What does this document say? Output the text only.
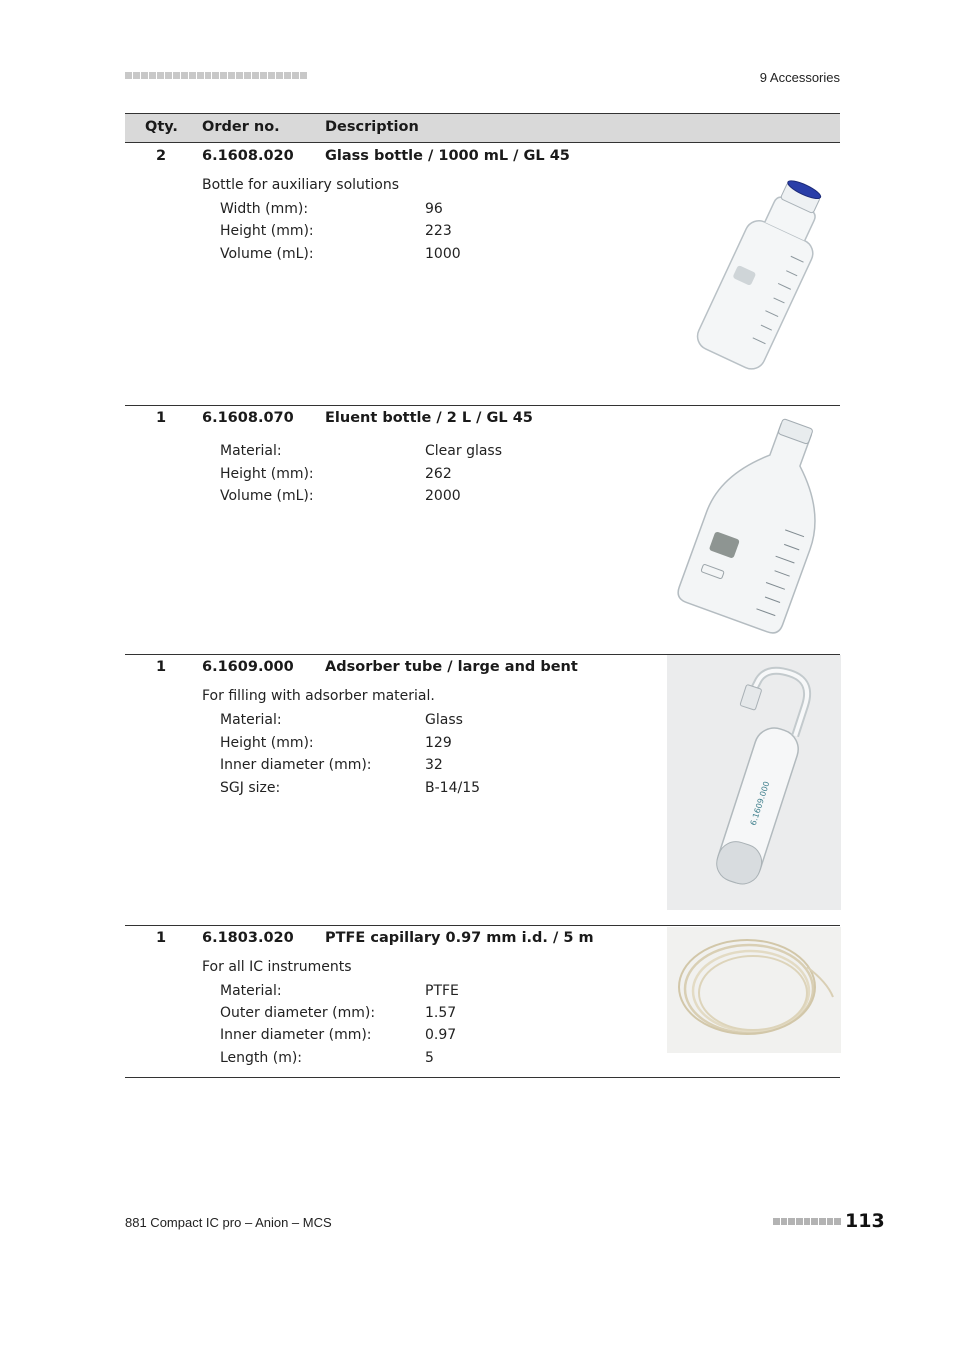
9 Accessories
Qty. Order no.	Description
2 6.1608.020 Glass bottle / 1000 mL / GL 45
Bottle for auxiliary solutions
Width (mm):	96
Height (mm):	223
Volume (mL):	1000
1 6.1608.070 Eluent bottle / 2 L / GL 45
Material:	Clear glass
Height (mm):	262
Volume (mL):	2000
1 6.1609.000 Adsorber tube / large and bent
For filling with adsorber material.
Material:	Glass
Height (mm):	129
Inner diameter (mm):	32
SGJ size:	B-14/15	6.1609.000
1 6.1803.020 PTFE capillary 0.97 mm i.d. / 5 m
For all IC instruments
Material:	PTFE
Outer diameter (mm):	1.57
Inner diameter (mm):	0.97
Length (m):	5
881 Compact IC pro – Anion – MCS	113
